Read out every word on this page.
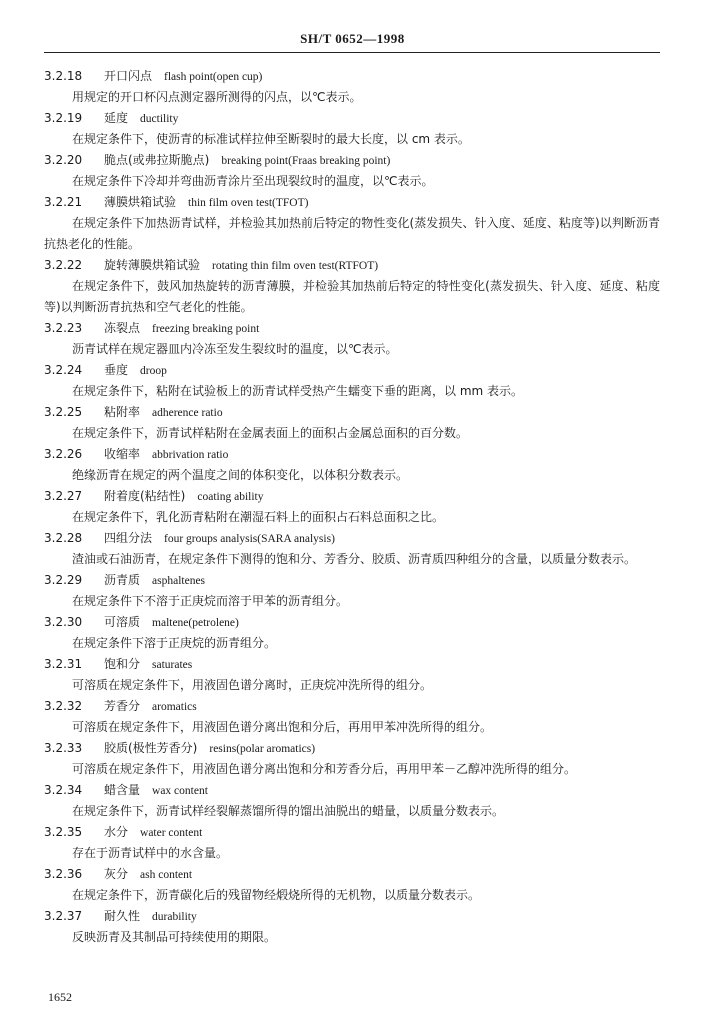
SH/T 0652—1998
3.2.18 开口闪点 flash point(open cup)
用规定的开口杯闪点测定器所测得的闪点，以℃表示。
3.2.19 延度 ductility
在规定条件下，使沥青的标准试样拉伸至断裂时的最大长度，以 cm 表示。
3.2.20 脆点(或弗拉斯脆点) breaking point(Fraas breaking point)
在规定条件下冷却并弯曲沥青涂片至出现裂纹时的温度，以℃表示。
3.2.21 薄膜烘箱试验 thin film oven test(TFOT)
在规定条件下加热沥青试样，并检验其加热前后特定的物性变化(蒸发损失、针入度、延度、粘度等)以判断沥青抗热老化的性能。
3.2.22 旋转薄膜烘箱试验 rotating thin film oven test(RTFOT)
在规定条件下，鼓风加热旋转的沥青薄膜，并检验其加热前后特定的特性变化(蒸发损失、针入度、延度、粘度等)以判断沥青抗热和空气老化的性能。
3.2.23 冻裂点 freezing breaking point
沥青试样在规定器皿内冷冻至发生裂纹时的温度，以℃表示。
3.2.24 垂度 droop
在规定条件下，粘附在试验板上的沥青试样受热产生蠕变下垂的距离，以 mm 表示。
3.2.25 粘附率 adherence ratio
在规定条件下，沥青试样粘附在金属表面上的面积占金属总面积的百分数。
3.2.26 收缩率 abbrivation ratio
绝缘沥青在规定的两个温度之间的体积变化，以体积分数表示。
3.2.27 附着度(粘结性) coating ability
在规定条件下，乳化沥青粘附在潮湿石料上的面积占石料总面积之比。
3.2.28 四组分法 four groups analysis(SARA analysis)
渣油或石油沥青，在规定条件下测得的饱和分、芳香分、胶质、沥青质四种组分的含量，以质量分数表示。
3.2.29 沥青质 asphaltenes
在规定条件下不溶于正庚烷而溶于甲苯的沥青组分。
3.2.30 可溶质 maltene(petrolene)
在规定条件下溶于正庚烷的沥青组分。
3.2.31 饱和分 saturates
可溶质在规定条件下，用液固色谱分离时，正庚烷冲洗所得的组分。
3.2.32 芳香分 aromatics
可溶质在规定条件下，用液固色谱分离出饱和分后，再用甲苯冲洗所得的组分。
3.2.33 胶质(极性芳香分) resins(polar aromatics)
可溶质在规定条件下，用液固色谱分离出饱和分和芳香分后，再用甲苯－乙醇冲洗所得的组分。
3.2.34 蜡含量 wax content
在规定条件下，沥青试样经裂解蒸馏所得的馏出油脱出的蜡量，以质量分数表示。
3.2.35 水分 water content
存在于沥青试样中的水含量。
3.2.36 灰分 ash content
在规定条件下，沥青碳化后的残留物经煅烧所得的无机物，以质量分数表示。
3.2.37 耐久性 durability
反映沥青及其制品可持续使用的期限。
1652
